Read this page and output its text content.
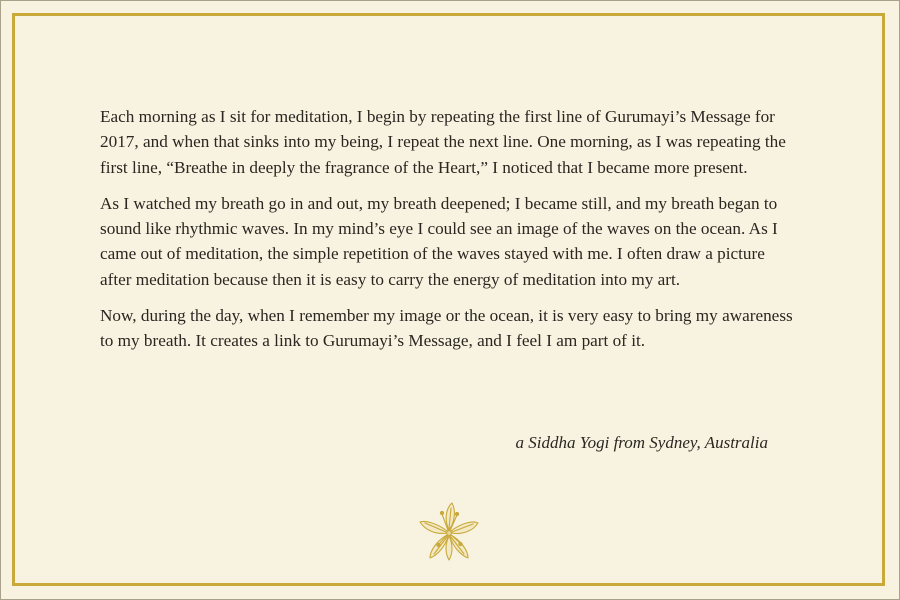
Each morning as I sit for meditation, I begin by repeating the first line of Gurumayi’s Message for 2017, and when that sinks into my being, I repeat the next line. One morning, as I was repeating the first line, “Breathe in deeply the fragrance of the Heart,” I noticed that I became more present.

As I watched my breath go in and out, my breath deepened; I became still, and my breath began to sound like rhythmic waves. In my mind’s eye I could see an image of the waves on the ocean. As I came out of meditation, the simple repetition of the waves stayed with me. I often draw a picture after meditation because then it is easy to carry the energy of meditation into my art.

Now, during the day, when I remember my image or the ocean, it is very easy to bring my awareness to my breath. It creates a link to Gurumayi’s Message, and I feel I am part of it.

a Siddha Yogi from Sydney, Australia
